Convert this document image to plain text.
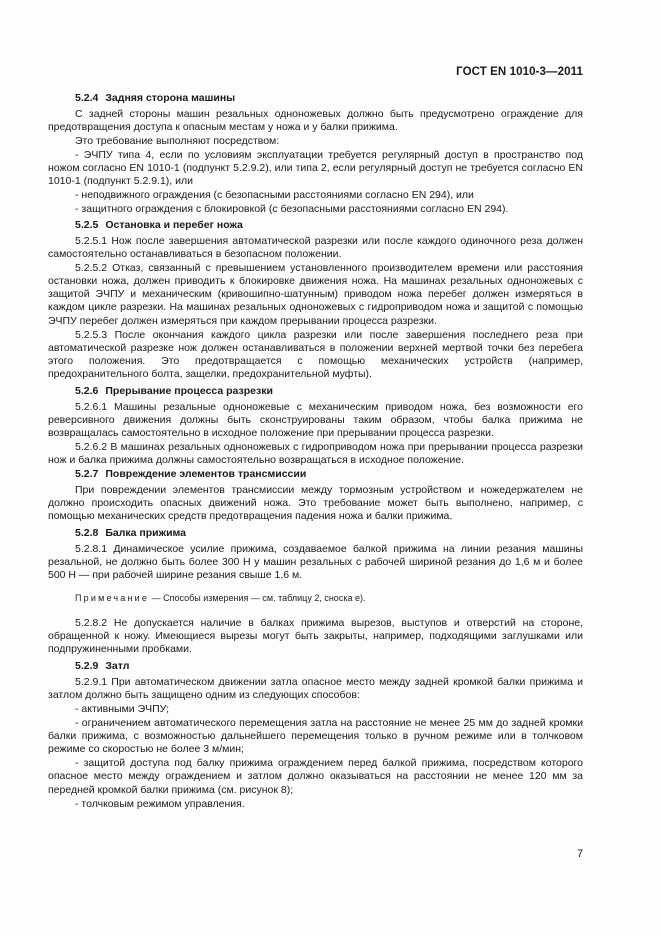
ГОСТ EN 1010-3—2011
5.2.4 Задняя сторона машины
С задней стороны машин резальных одноножевых должно быть предусмотрено ограждение для предотвращения доступа к опасным местам у ножа и у балки прижима.
Это требование выполняют посредством:
- ЭЧПУ типа 4, если по условиям эксплуатации требуется регулярный доступ в пространство под ножом согласно EN 1010-1 (подпункт 5.2.9.2), или типа 2, если регулярный доступ не требуется согласно EN 1010-1 (подпункт 5.2.9.1), или
- неподвижного ограждения (с безопасными расстояниями согласно EN 294), или
- защитного ограждения с блокировкой (с безопасными расстояниями согласно EN 294).
5.2.5 Остановка и перебег ножа
5.2.5.1 Нож после завершения автоматической разрезки или после каждого одиночного реза должен самостоятельно останавливаться в безопасном положении.
5.2.5.2 Отказ, связанный с превышением установленного производителем времени или расстояния остановки ножа, должен приводить к блокировке движения ножа. На машинах резальных одноножевых с защитой ЭЧПУ и механическим (кривошипно-шатунным) приводом ножа перебег должен измеряться в каждом цикле разрезки. На машинах резальных одноножевых с гидроприводом ножа и защитой с помощью ЭЧПУ перебег должен измеряться при каждом прерывании процесса разрезки.
5.2.5.3 После окончания каждого цикла разрезки или после завершения последнего реза при автоматической разрезке нож должен останавливаться в положении верхней мертвой точки без перебега этого положения. Это предотвращается с помощью механических устройств (например, предохранительного болта, защелки, предохранительной муфты).
5.2.6 Прерывание процесса разрезки
5.2.6.1 Машины резальные одноножевые с механическим приводом ножа, без возможности его реверсивного движения должны быть сконструированы таким образом, чтобы балка прижима не возвращалась самостоятельно в исходное положение при прерывании процесса разрезки.
5.2.6.2 В машинах резальных одноножевых с гидроприводом ножа при прерывании процесса разрезки нож и балка прижима должны самостоятельно возвращаться в исходное положение.
5.2.7 Повреждение элементов трансмиссии
При повреждении элементов трансмиссии между тормозным устройством и ножедержателем не должно происходить опасных движений ножа. Это требование может быть выполнено, например, с помощью механических средств предотвращения падения ножа и балки прижима.
5.2.8 Балка прижима
5.2.8.1 Динамическое усилие прижима, создаваемое балкой прижима на линии резания машины резальной, не должно быть более 300 Н у машин резальных с рабочей шириной резания до 1,6 м и более 500 Н — при рабочей ширине резания свыше 1,6 м.
Примечание — Способы измерения — см. таблицу 2, сноска е).
5.2.8.2 Не допускается наличие в балках прижима вырезов, выступов и отверстий на стороне, обращенной к ножу. Имеющиеся вырезы могут быть закрыты, например, подходящими заглушками или подпружиненными пробками.
5.2.9 Затл
5.2.9.1 При автоматическом движении затла опасное место между задней кромкой балки прижима и затлом должно быть защищено одним из следующих способов:
- активными ЭЧПУ;
- ограничением автоматического перемещения затла на расстояние не менее 25 мм до задней кромки балки прижима, с возможностью дальнейшего перемещения только в ручном режиме или в толчковом режиме со скоростью не более 3 м/мин;
- защитой доступа под балку прижима ограждением перед балкой прижима, посредством которого опасное место между ограждением и затлом должно оказываться на расстоянии не менее 120 мм за передней кромкой балки прижима (см. рисунок 8);
- толчковым режимом управления.
7
